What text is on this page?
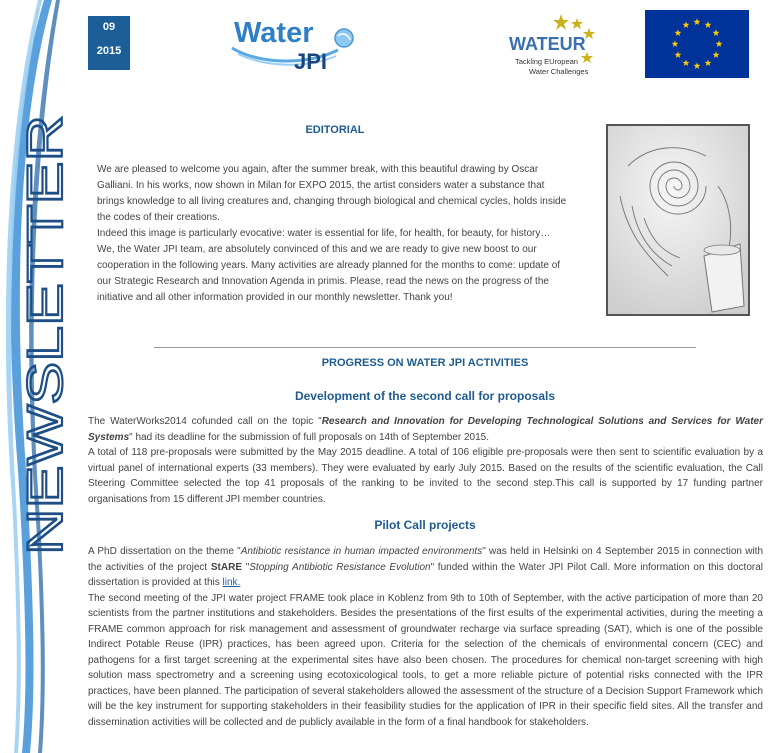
NEWSLETTER
09
2015
Water
JPI
WATEUR
Tackling EUropean
Water Challenges
EDITORIAL

We are pleased to welcome you again, after the summer break, with this beautiful drawing by Oscar Galliani. In his works, now shown in Milan for EXPO 2015, the artist considers water a substance that brings knowledge to all living creatures and, changing through biological and chemical cycles, holds inside the codes of their creations.

Indeed this image is particularly evocative: water is essential for life, for health, for beauty, for history…

We, the Water JPI team, are absolutely convinced of this and we are ready to give new boost to our cooperation in the following years. Many activities are already planned for the months to come: update of our Strategic Research and Innovation Agenda in primis. Please, read the news on the progress of the initiative and all other information provided in our monthly newsletter. Thank you!

PROGRESS ON WATER JPI ACTIVITIES
Development of the second call for proposals

The WaterWorks2014 cofunded call on the topic "Research and Innovation for Developing Technological Solutions and Services for Water Systems" had its deadline for the submission of full proposals on 14th of September 2015.

A total of 118 pre-proposals were submitted by the May 2015 deadline. A total of 106 eligible pre-proposals were then sent to scientific evaluation by a virtual panel of international experts (33 members). They were evaluated by early July 2015. Based on the results of the scientific evaluation, the Call Steering Committee selected the top 41 proposals of the ranking to be invited to the second step.This call is supported by 17 funding partner organisations from 15 different JPI member countries.

Pilot Call projects

A PhD dissertation on the theme "Antibiotic resistance in human impacted environments" was held in Helsinki on 4 September 2015 in connection with the activities of the project StARE "Stopping Antibiotic Resistance Evolution" funded within the Water JPI Pilot Call. More information on this doctoral dissertation is provided at this link.

The second meeting of the JPI water project FRAME took place in Koblenz from 9th to 10th of September, with the active participation of more than 20 scientists from the partner institutions and stakeholders. Besides the presentations of the first esults of the experimental activities, during the meeting a FRAME common approach for risk management and assessment of groundwater recharge via surface spreading (SAT), which is one of the possible Indirect Potable Reuse (IPR) practices, has been agreed upon. Criteria for the selection of the chemicals of environmental concern (CEC) and pathogens for a first target screening at the experimental sites have also been chosen. The procedures for chemical non-target screening with high solution mass spectrometry and a screening using ecotoxicological tools, to get a more reliable picture of potential risks connected with the IPR practices, have been planned. The participation of several stakeholders allowed the assessment of the structure of a Decision Support Framework which will be the key instrument for supporting stakeholders in their feasibility studies for the application of IPR in their specific field sites. All the transfer and dissemination activities will be collected and de publicly available in the form of a final handbook for stakeholders.
